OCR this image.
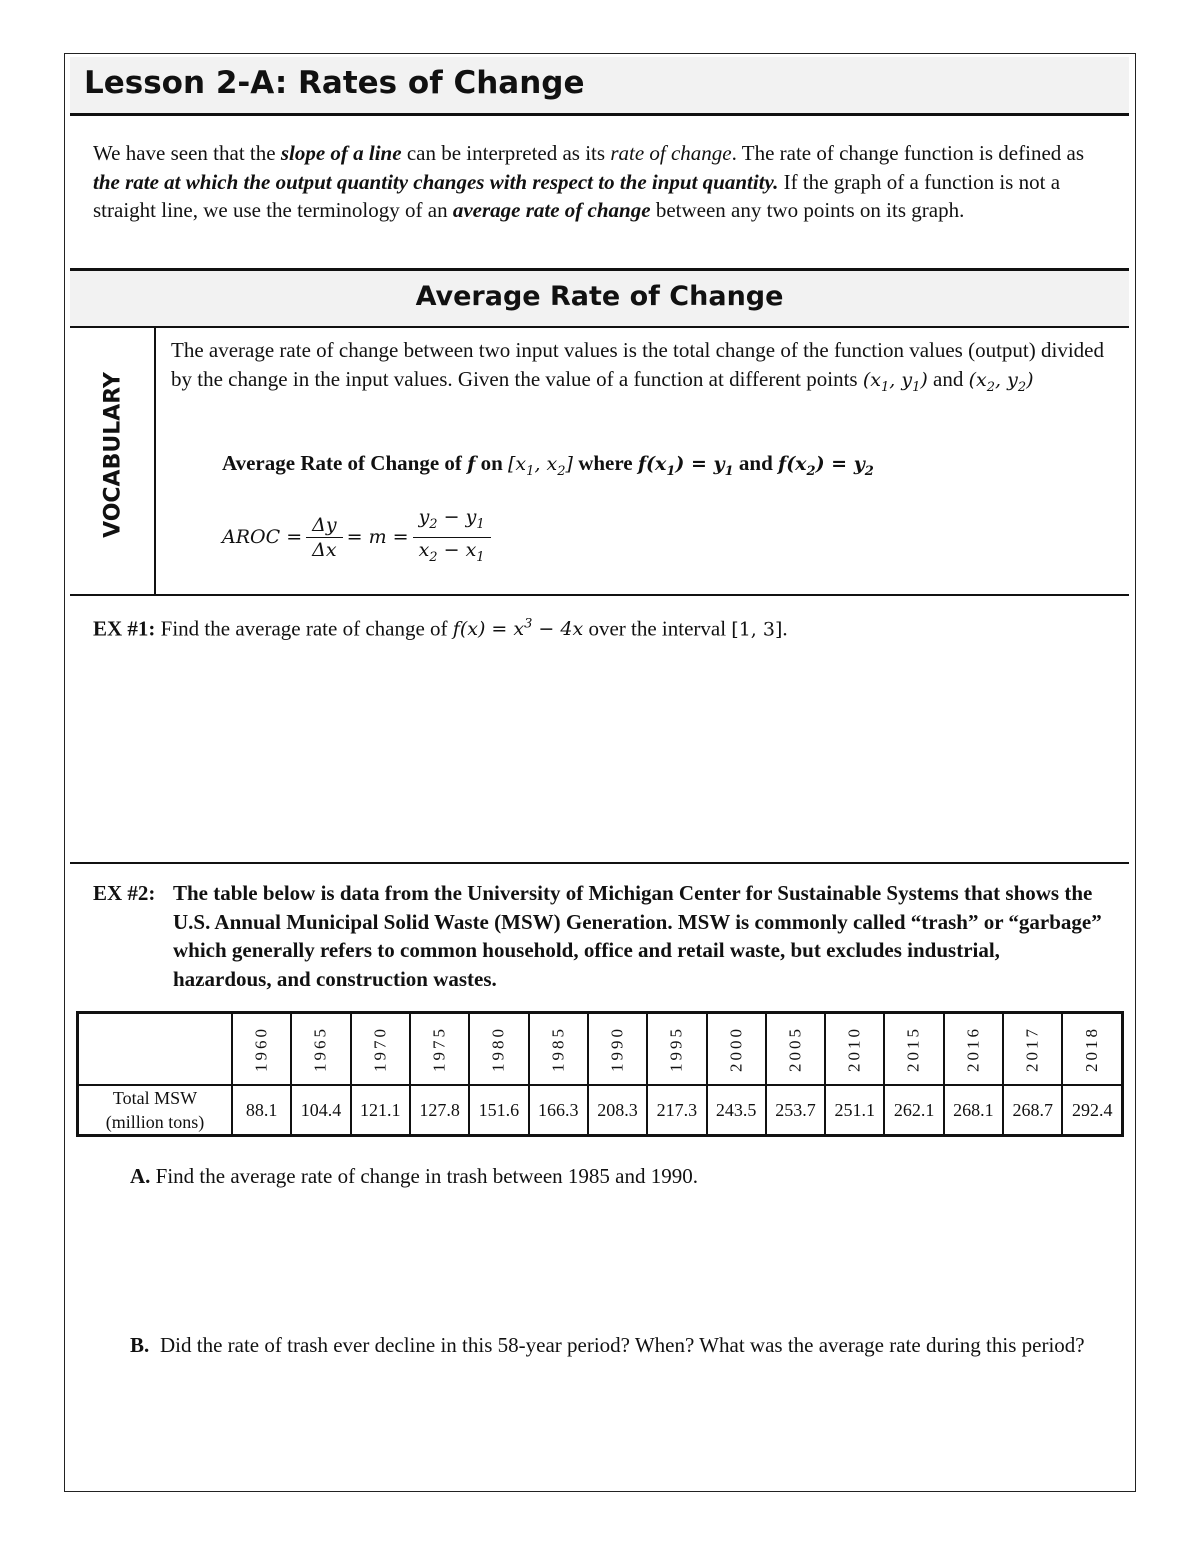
Lesson 2-A: Rates of Change
We have seen that the slope of a line can be interpreted as its rate of change. The rate of change function is defined as the rate at which the output quantity changes with respect to the input quantity. If the graph of a function is not a straight line, we use the terminology of an average rate of change between any two points on its graph.
Average Rate of Change
VOCABULARY
The average rate of change between two input values is the total change of the function values (output) divided by the change in the input values. Given the value of a function at different points ($x_1$, $y_1$) and ($x_2$, $y_2$)
Average Rate of Change of f on [$x_1$, $x_2$] where $f(x_1) = y_1$ and $f(x_2) = y_2$
AROC = $\frac{\Delta y}{\Delta x} = m = \frac{y_2 - y_1}{x_2 - x_1}$
EX #1: Find the average rate of change of $f(x) = x^3 - 4x$ over the interval [1, 3].
EX #2: The table below is data from the University of Michigan Center for Sustainable Systems that shows the U.S. Annual Municipal Solid Waste (MSW) Generation. MSW is commonly called “trash” or “garbage” which generally refers to common household, office and retail waste, but excludes industrial, hazardous, and construction wastes.

	1960	1965	1970	1975	1980	1985	1990	1995	2000	2005	2010	2015	2016	2017	2018

Total MSW
(million tons)	88.1	104.4	121.1	127.8	151.6	166.3	208.3	217.3	243.5	253.7	251.1	262.1	268.1	268.7	292.4
A. Find the average rate of change in trash between 1985 and 1990.
B. Did the rate of trash ever decline in this 58-year period? When? What was the average rate during this period?
